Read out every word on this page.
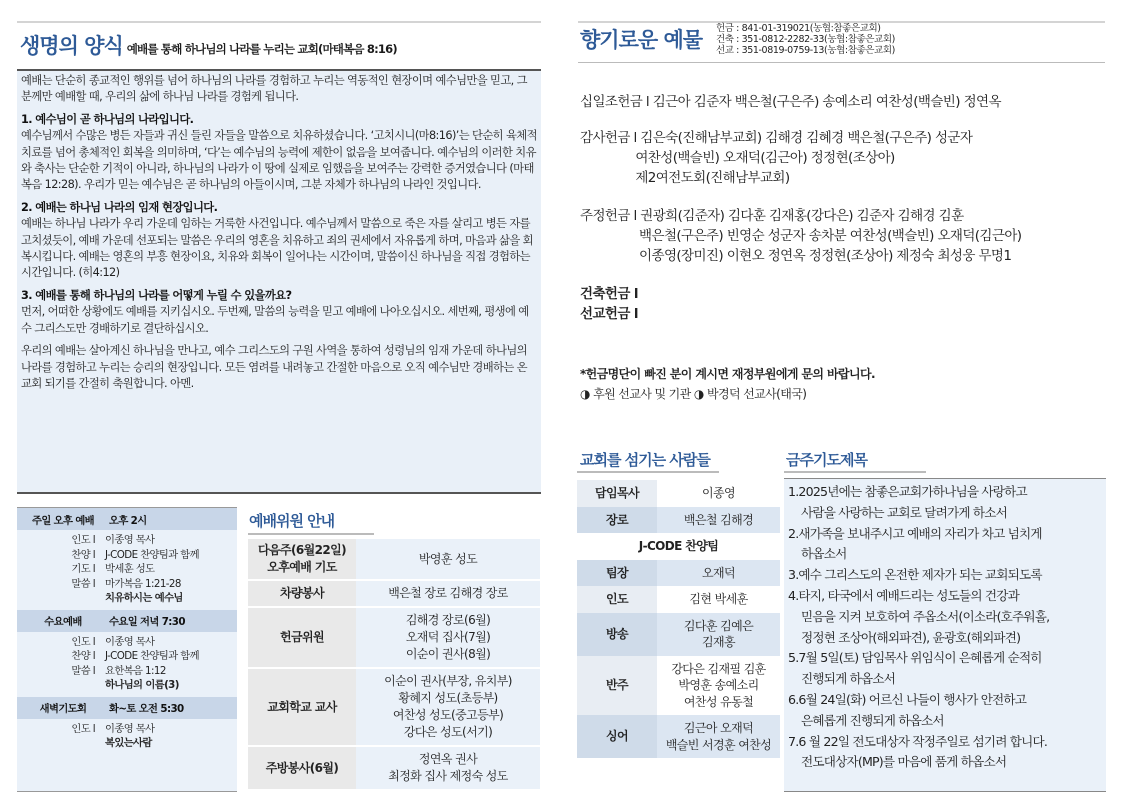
생명의 양식 예배를 통해 하나님의 나라를 누리는 교회(마태복음 8:16)

예배는 단순히 종교적인 행위를 넘어 하나님의 나라를 경험하고 누리는 역동적인 현장이며 예수님만을 믿고, 그 분께만 예배할 때, 우리의 삶에 하나님 나라를 경험케 됩니다.

1. 예수님이 곧 하나님의 나라입니다.

예수님께서 수많은 병든 자들과 귀신 들린 자들을 말씀으로 치유하셨습니다. ‘고치시니(마8:16)’는 단순히 육체적 치료를 넘어 총체적인 회복을 의미하며, ‘다’는 예수님의 능력에 제한이 없음을 보여줍니다. 예수님의 이러한 치유와 축사는 단순한 기적이 아니라, 하나님의 나라가 이 땅에 실제로 임했음을 보여주는 강력한 증거였습니다 (마태복음 12:28). 우리가 믿는 예수님은 곧 하나님의 아들이시며, 그분 자체가 하나님의 나라인 것입니다.

2. 예배는 하나님 나라의 임재 현장입니다.

예배는 하나님 나라가 우리 가운데 임하는 거룩한 사건입니다. 예수님께서 말씀으로 죽은 자를 살리고 병든 자를 고치셨듯이, 예배 가운데 선포되는 말씀은 우리의 영혼을 치유하고 죄의 권세에서 자유롭게 하며, 마음과 삶을 회복시킵니다. 예배는 영혼의 부흥 현장이요, 치유와 회복이 일어나는 시간이며, 말씀이신 하나님을 직접 경험하는 시간입니다. (히4:12)

3. 예배를 통해 하나님의 나라를 어떻게 누릴 수 있을까요?

먼저, 어떠한 상황에도 예배를 지키십시오. 두번째, 말씀의 능력을 믿고 예배에 나아오십시오. 세번째, 평생에 예수 그리스도만 경배하기로 결단하십시오.

우리의 예배는 살아계신 하나님을 만나고, 예수 그리스도의 구원 사역을 통하여 성령님의 임재 가운데 하나님의 나라를 경험하고 누리는 승리의 현장입니다. 모든 염려를 내려놓고 간절한 마음으로 오직 예수님만 경배하는 온 교회 되기를 간절히 축원합니다. 아멘.

주일 오후 예배	오후 2시
인도 l 이종영 목사
찬양 l J-CODE 찬양팀과 함께
기도 l 박세훈 성도
말씀 l 마가복음 1:21-28
치유하시는 예수님
수요예배	수요일 저녁 7:30
인도 l 이종영 목사
찬양 l J-CODE 찬양팀과 함께
말씀 l 요한복음 1:12
하나님의 이름(3)
새벽기도회	화~토 오전 5:30
인도 l 이종영 목사
복있는사람
예배위원 안내
다음주(6월22일)
오후예배 기도	박영훈 성도
차량봉사	백은철 장로 김해경 장로
헌금위원	김해경 장로(6월)
오재덕 집사(7월)
이순이 권사(8월)
교회학교 교사	이순이 권사(부장, 유치부)
황혜지 성도(초등부)
여찬성 성도(중고등부)
강다은 성도(서기)
주방봉사(6월)	정연옥 권사
최정화 집사 제정숙 성도
향기로운 예물 헌금 : 841-01-319021(농협:참좋은교회)
건축 : 351-0812-2282-33(농협:참좋은교회)
선교 : 351-0819-0759-13(농협:참좋은교회)
십일조헌금 l 김근아 김준자 백은철(구은주) 송예소리 여찬성(백슬빈) 정연옥
감사헌금 l 김은숙(진해남부교회) 김해경 김혜경 백은철(구은주) 성군자
여찬성(백슬빈) 오재덕(김근아) 정정현(조상아)
제2여전도회(진해남부교회)
주정헌금 l 권광희(김준자) 김다훈 김재홍(강다은) 김준자 김해경 김훈
백은철(구은주) 빈영순 성군자 송차분 여찬성(백슬빈) 오재덕(김근아)
이종영(장미진) 이현오 정연옥 정정현(조상아) 제정숙 최성웅 무명1
건축헌금 l
선교헌금 l
*헌금명단이 빠진 분이 계시면 재정부원에게 문의 바랍니다.
◑ 후원 선교사 및 기관 ◑ 박경덕 선교사(태국)
교회를 섬기는 사람들
담임목사	이종영
장로	백은철 김해경
J-CODE 찬양팀	
팀장	오재덕
인도	김현 박세훈
방송	김다훈 김예은
김재홍
반주	강다은 김재필 김훈
박영훈 송예소리
여찬성 유동철
싱어	김근아 오재덕
백슬빈 서경훈 여찬성
금주기도제목
1.2025년에는 참좋은교회가하나님을 사랑하고
사람을 사랑하는 교회로 달려가게 하소서
2.새가족을 보내주시고 예배의 자리가 차고 넘치게
하옵소서
3.예수 그리스도의 온전한 제자가 되는 교회되도록
4.타지, 타국에서 예배드리는 성도들의 건강과
믿음을 지켜 보호하여 주옵소서(이소라(호주워홀,
정정현 조상아(해외파견), 윤광호(해외파견)
5.7월 5일(토) 담임목사 위임식이 은혜롭게 순적히
진행되게 하옵소서
6.6월 24일(화) 어르신 나들이 행사가 안전하고
은혜롭게 진행되게 하옵소서
7.6 월 22일 전도대상자 작정주일로 섬기려 합니다.
전도대상자(MP)를 마음에 품게 하옵소서
